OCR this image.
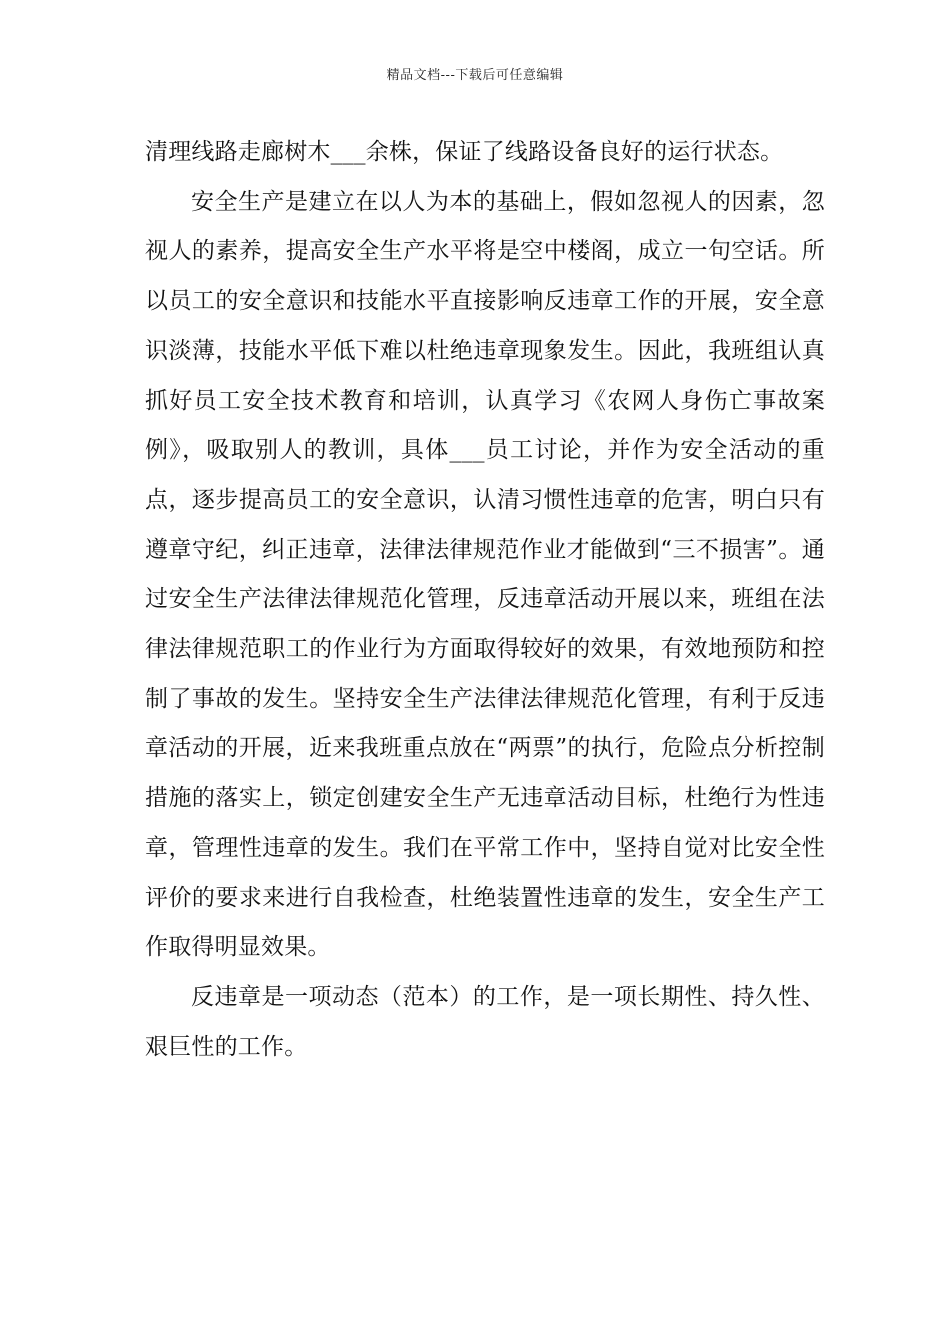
精品文档---下载后可任意编辑

清理线路走廊树木___余株，保证了线路设备良好的运行状态。

安全生产是建立在以人为本的基础上，假如忽视人的因素，忽视人的素养，提高安全生产水平将是空中楼阁，成立一句空话。所以员工的安全意识和技能水平直接影响反违章工作的开展，安全意识淡薄，技能水平低下难以杜绝违章现象发生。因此，我班组认真抓好员工安全技术教育和培训，认真学习《农网人身伤亡事故案例》，吸取别人的教训，具体___员工讨论，并作为安全活动的重点，逐步提高员工的安全意识，认清习惯性违章的危害，明白只有遵章守纪，纠正违章，法律法律规范作业才能做到“三不损害”。通过安全生产法律法律规范化管理，反违章活动开展以来，班组在法律法律规范职工的作业行为方面取得较好的效果，有效地预防和控制了事故的发生。坚持安全生产法律法律规范化管理，有利于反违章活动的开展，近来我班重点放在“两票”的执行，危险点分析控制措施的落实上，锁定创建安全生产无违章活动目标，杜绝行为性违章，管理性违章的发生。我们在平常工作中，坚持自觉对比安全性评价的要求来进行自我检查，杜绝装置性违章的发生，安全生产工作取得明显效果。

反违章是一项动态（范本）的工作，是一项长期性、持久性、艰巨性的工作。
